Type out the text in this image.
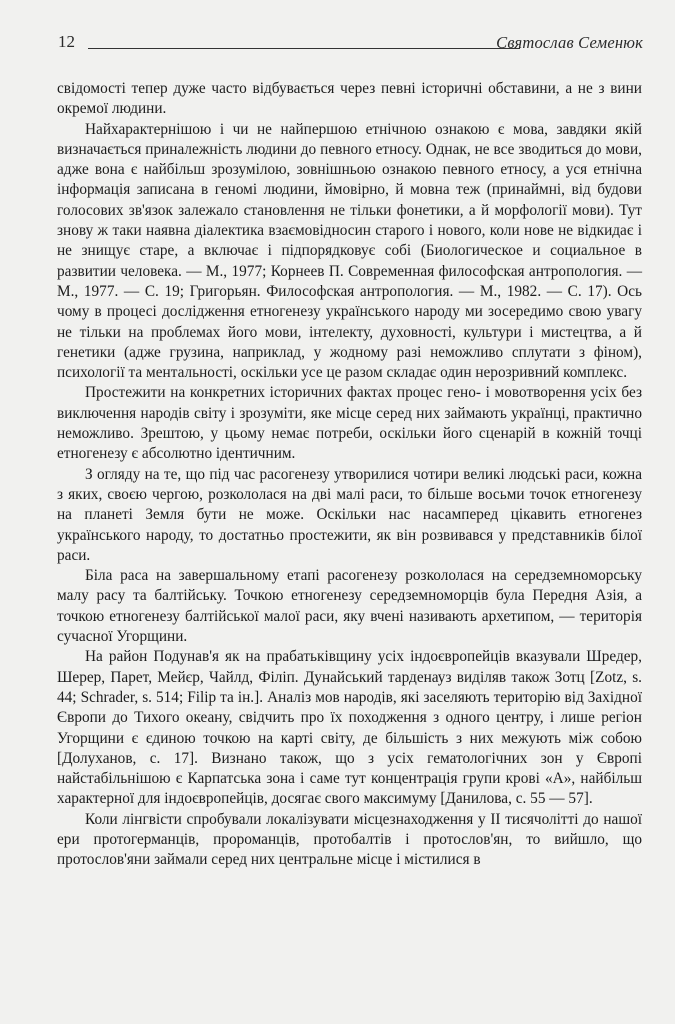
12	Святослав Семенюк

свідомості тепер дуже часто відбувається через певні історичні обставини, а не з вини окремої людини.

Найхарактернішою і чи не найпершою етнічною ознакою є мова, завдяки якій визначається приналежність людини до певного етносу. Однак, не все зводиться до мови, адже вона є найбільш зрозумілою, зовнішньою ознакою певного етносу, а уся етнічна інформація записана в геномі людини, ймовірно, й мовна теж (принаймні, від будови голосових зв'язок залежало становлення не тільки фонетики, а й морфології мови). Тут знову ж таки наявна діалектика взаємовідносин старого і нового, коли нове не відкидає і не знищує старе, а включає і підпорядковує собі (Биологическое и социальное в развитии человека. — М., 1977; Корнеев П. Современная философская антропология. — М., 1977. — С. 19; Григорьян. Философская антропология. — М., 1982. — С. 17). Ось чому в процесі дослідження етногенезу українського народу ми зосередимо свою увагу не тільки на проблемах його мови, інтелекту, духовності, культури і мистецтва, а й генетики (адже грузина, наприклад, у жодному разі неможливо сплутати з фіном), психології та ментальності, оскільки усе це разом складає один нерозривний комплекс.

Простежити на конкретних історичних фактах процес гено- і мовотворення усіх без виключення народів світу і зрозуміти, яке місце серед них займають українці, практично неможливо. Зрештою, у цьому немає потреби, оскільки його сценарій в кожній точці етногенезу є абсолютно ідентичним.

З огляду на те, що під час расогенезу утворилися чотири великі людські раси, кожна з яких, своєю чергою, розкололася на дві малі раси, то більше восьми точок етногенезу на планеті Земля бути не може. Оскільки нас насамперед цікавить етногенез українського народу, то достатньо простежити, як він розвивався у представників білої раси.

Біла раса на завершальному етапі расогенезу розкололася на середземноморську малу расу та балтійську. Точкою етногенезу середземноморців була Передня Азія, а точкою етногенезу балтійської малої раси, яку вчені називають архетипом, — територія сучасної Угорщини.

На район Подунав'я як на прабатьківщину усіх індоєвропейців вказували Шредер, Шерер, Парет, Мейєр, Чайлд, Філіп. Дунайський тарденауз виділяв також Зотц [Zotz, s. 44; Schrader, s. 514; Filip та ін.]. Аналіз мов народів, які заселяють територію від Західної Європи до Тихого океану, свідчить про їх походження з одного центру, і лише регіон Угорщини є єдиною точкою на карті світу, де більшість з них межують між собою [Долуханов, с. 17]. Визнано також, що з усіх гематологічних зон у Європі найстабільнішою є Карпатська зона і саме тут концентрація групи крові «А», найбільш характерної для індоєвропейців, досягає свого максимуму [Данилова, с. 55 — 57].

Коли лінгвісти спробували локалізувати місцезнаходження у II тисячолітті до нашої ери протогерманців, пророманців, протобалтів і протослов'ян, то вийшло, що протослов'яни займали серед них центральне місце і містилися в
